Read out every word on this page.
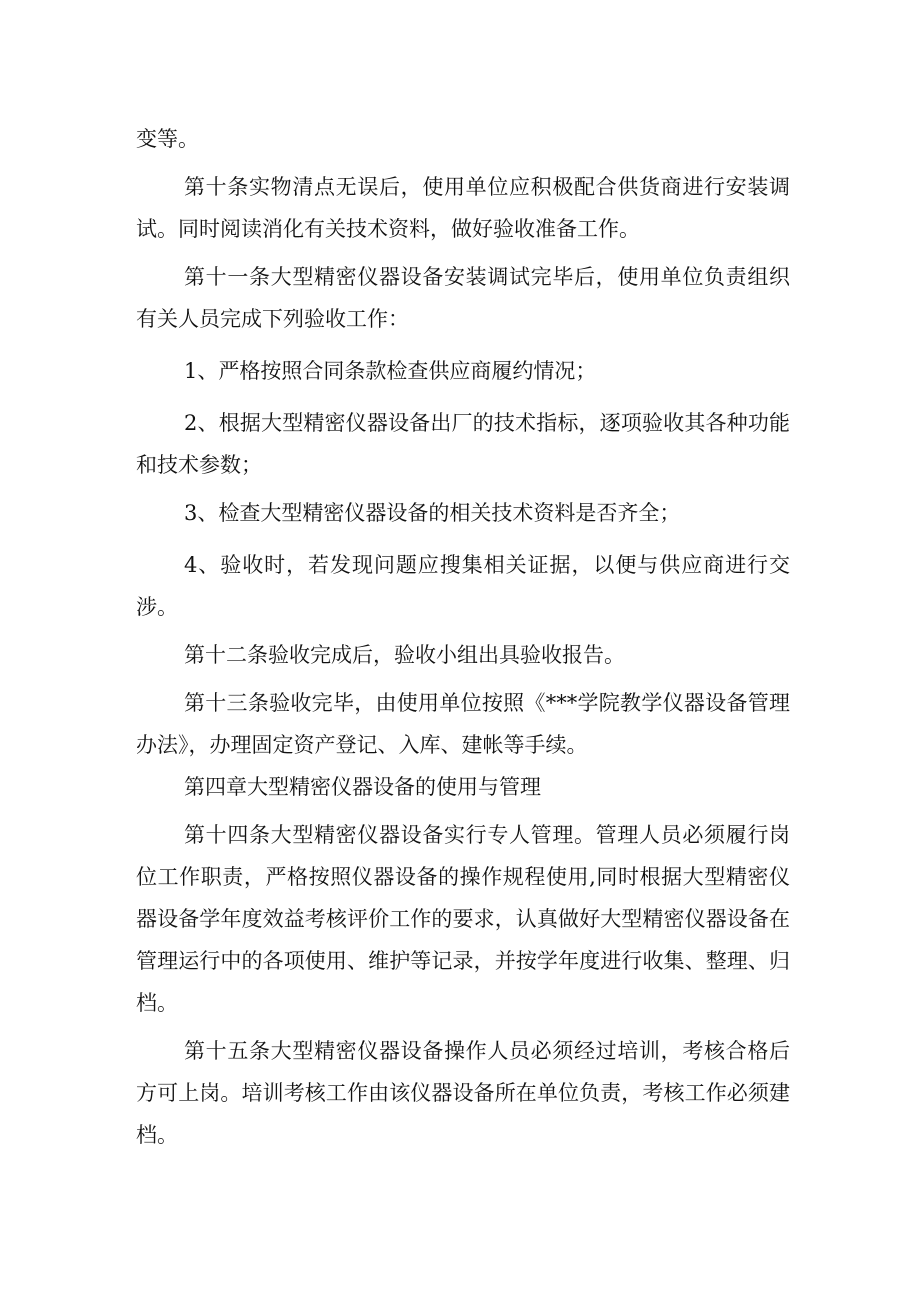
变等。

第十条实物清点无误后，使用单位应积极配合供货商进行安装调试。同时阅读消化有关技术资料，做好验收准备工作。

第十一条大型精密仪器设备安装调试完毕后，使用单位负责组织有关人员完成下列验收工作：

1、严格按照合同条款检查供应商履约情况；

2、根据大型精密仪器设备出厂的技术指标，逐项验收其各种功能和技术参数；

3、检查大型精密仪器设备的相关技术资料是否齐全；

4、验收时，若发现问题应搜集相关证据，以便与供应商进行交涉。

第十二条验收完成后，验收小组出具验收报告。

第十三条验收完毕，由使用单位按照《***学院教学仪器设备管理办法》，办理固定资产登记、入库、建帐等手续。

第四章大型精密仪器设备的使用与管理

第十四条大型精密仪器设备实行专人管理。管理人员必须履行岗位工作职责，严格按照仪器设备的操作规程使用,同时根据大型精密仪器设备学年度效益考核评价工作的要求，认真做好大型精密仪器设备在管理运行中的各项使用、维护等记录，并按学年度进行收集、整理、归档。

第十五条大型精密仪器设备操作人员必须经过培训，考核合格后方可上岗。培训考核工作由该仪器设备所在单位负责，考核工作必须建档。
